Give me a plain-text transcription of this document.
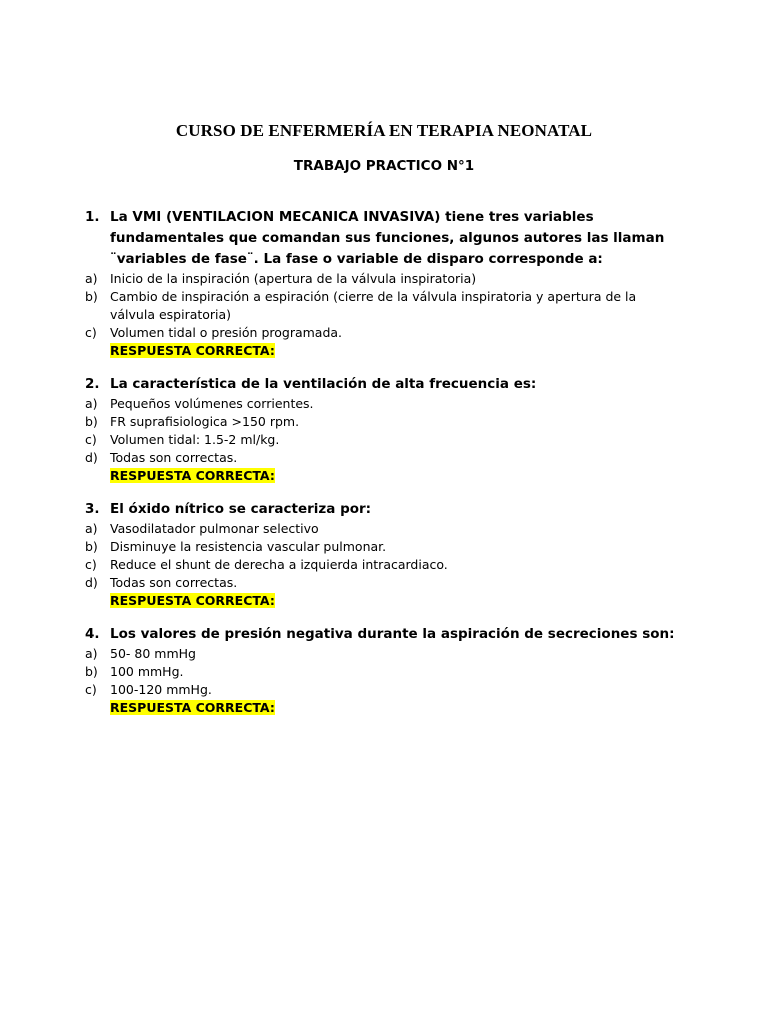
CURSO DE ENFERMERÍA EN TERAPIA NEONATAL
TRABAJO PRACTICO N°1
1. La VMI (VENTILACION MECANICA INVASIVA) tiene tres variables fundamentales que comandan sus funciones, algunos autores las llaman ¨variables de fase¨. La fase o variable de disparo corresponde a:
a) Inicio de la inspiración (apertura de la válvula inspiratoria)
b) Cambio de inspiración a espiración (cierre de la válvula inspiratoria y apertura de la válvula espiratoria)
c)	Volumen tidal o presión programada.
RESPUESTA CORRECTA:
2. La característica de la ventilación de alta frecuencia es:
a) Pequeños volúmenes corrientes.
b) FR suprafisiologica >150 rpm.
c)	Volumen tidal: 1.5-2 ml/kg.
d) Todas son correctas.
RESPUESTA CORRECTA:
3. El óxido nítrico se caracteriza por:
a) Vasodilatador pulmonar selectivo
b) Disminuye la resistencia vascular pulmonar.
c)	Reduce el shunt de derecha a izquierda intracardiaco.
d) Todas son correctas.
RESPUESTA CORRECTA:
4. Los valores de presión negativa durante la aspiración de secreciones son:
a) 50- 80 mmHg
b) 100 mmHg.
c)	100-120 mmHg.
RESPUESTA CORRECTA:
